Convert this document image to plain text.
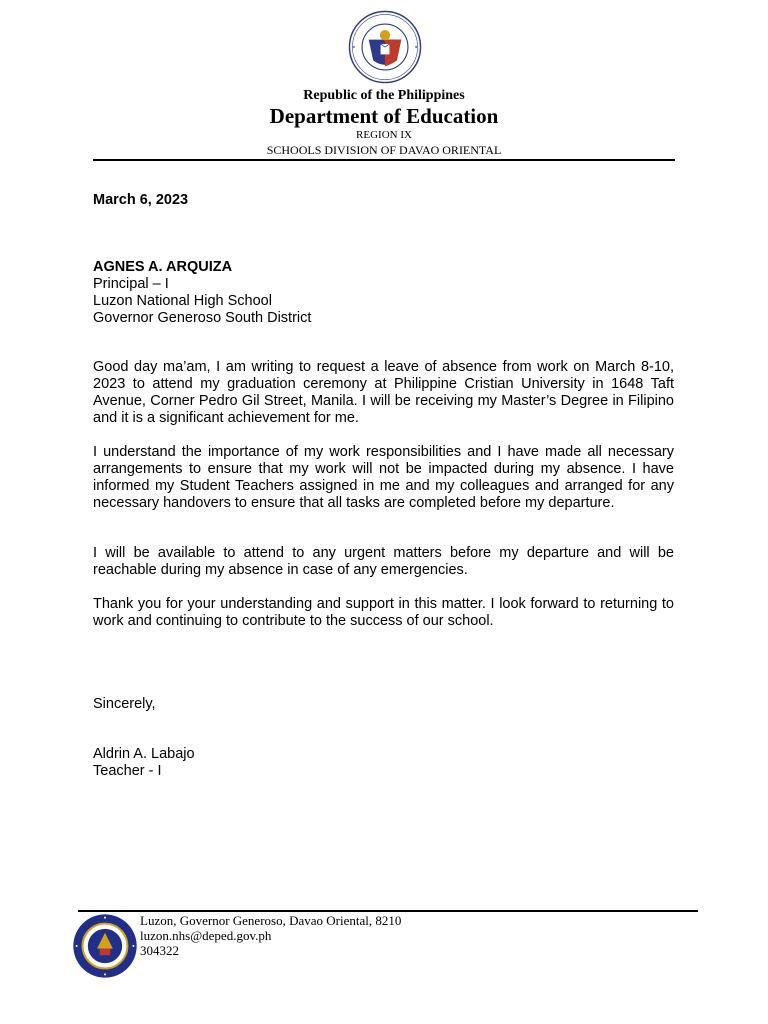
Republic of the Philippines
Department of Education
REGION IX
SCHOOLS DIVISION OF DAVAO ORIENTAL
March 6, 2023
AGNES A. ARQUIZA
Principal – I
Luzon National High School
Governor Generoso South District

Good day ma’am, I am writing to request a leave of absence from work on March 8-10, 2023 to attend my graduation ceremony at Philippine Cristian University in 1648 Taft Avenue, Corner Pedro Gil Street, Manila. I will be receiving my Master’s Degree in Filipino and it is a significant achievement for me.

I understand the importance of my work responsibilities and I have made all necessary arrangements to ensure that my work will not be impacted during my absence. I have informed my Student Teachers assigned in me and my colleagues and arranged for any necessary handovers to ensure that all tasks are completed before my departure.

I will be available to attend to any urgent matters before my departure and will be reachable during my absence in case of any emergencies.

Thank you for your understanding and support in this matter. I look forward to returning to work and continuing to contribute to the success of our school.

Sincerely,
Aldrin A. Labajo
Teacher - I
Luzon, Governor Generoso, Davao Oriental, 8210
luzon.nhs@deped.gov.ph
304322
